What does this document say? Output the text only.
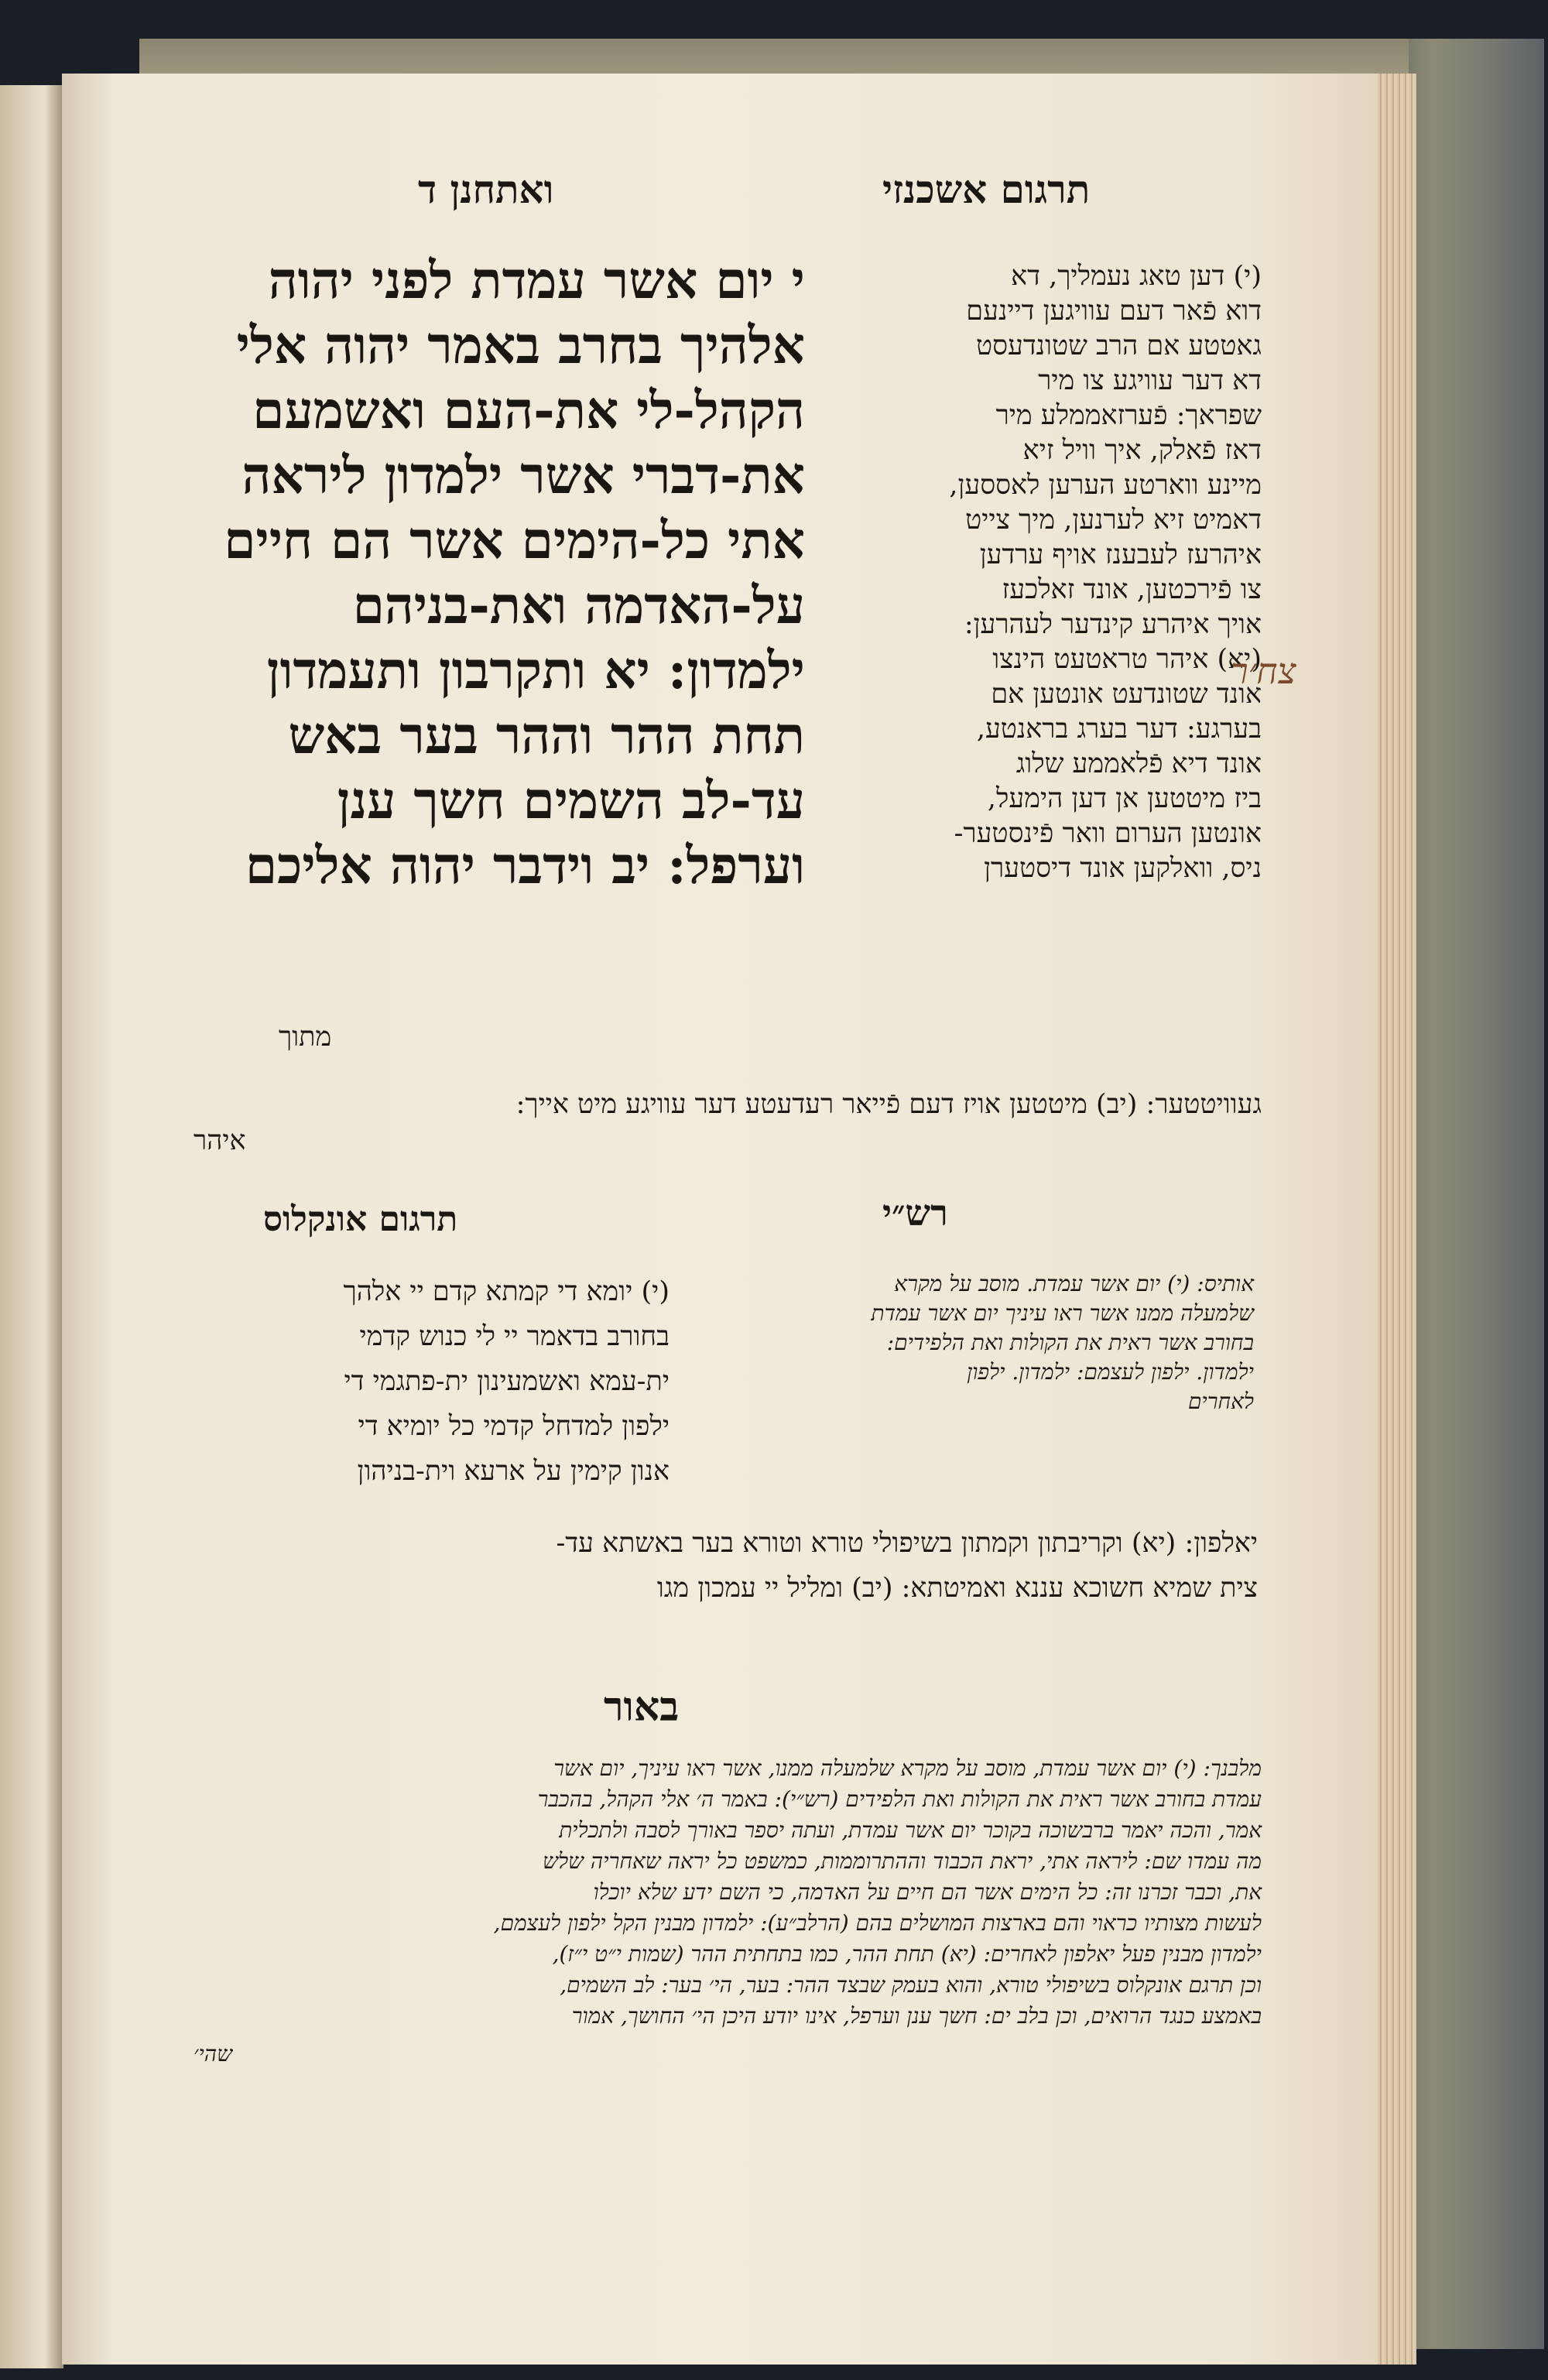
ואתחנן ד	תרגום אשכנזי
י יום אשר עמדת לפני יהוה
אלהיך בחרב באמר יהוה אלי
הקהל-לי את-העם ואשמעם
את-דברי אשר ילמדון ליראה
אתי כל-הימים אשר הם חיים
על-האדמה ואת-בניהם
ילמדון: יא ותקרבון ותעמדון
תחת ההר וההר בער באש
עד-לב השמים חשך ענן
וערפל: יב וידבר יהוה אליכם
מתוך
(י) דען טאג נעמליך, דא
דוא פֿאר דעם עוויגען דיינעם
גאטטע אם הרב שטונדעסט
דא דער עוויגע צו מיר
שפראך: פֿערזאממלע מיר
דאז פֿאלק, איך וויל זיא
מיינע ווארטע הערען לאססען,
דאמיט זיא לערנען, מיך צייט
איהרעז לעבענז אויף ערדען
צו פֿירכטען, אונד זאלכעז
אויך איהרע קינדער לעהרען:
(יא) איהר טראטעט הינצו
אונד שטונדעט אונטען אם
בערגע: דער בערג בראנטע,
אונד דיא פֿלאממע שלוג
ביז מיטטען אן דען הימעל,
אונטען הערום וואר פֿינסטער-
ניס, וואלקען אונד דיסטערן
געוויטטער: (יב) מיטטען אויז דעם פֿייאר רעדעטע דער עוויגע מיט אייך:
איהר
צח׳ר
רש״י
אותיס: (י) יום אשר עמדת. מוסב על מקרא
שלמעלה ממנו אשר ראו עיניך יום אשר עמדת
בחורב אשר ראית את הקולות ואת הלפידים:
ילמדון. ילפון לעצמם: ילמדון. ילפון
לאחרים
תרגום אונקלוס
(י) יומא די קמתא קדם יי אלהך
בחורב בדאמר יי לי כנוש קדמי
ית-עמא ואשמעינון ית-פתגמי די
ילפון למדחל קדמי כל יומיא די
אנון קימין על ארעא וית-בניהון
יאלפון: (יא) וקריבתון וקמתון בשיפולי טורא וטורא בער באשתא עד-
צית שמיא חשוכא עננא ואמיטתא: (יב) ומליל יי עמכון מגו
באור
מלבנך: (י) יום אשר עמדת, מוסב על מקרא שלמעלה ממנו, אשר ראו עיניך, יום אשר
עמדת בחורב אשר ראית את הקולות ואת הלפידים (רש״י): באמר ה׳ אלי הקהל, בהכבר
אמר, והכה יאמר ברבשוכה בקוכר יום אשר עמדת, ועתה יספר באורך לסבה ולתכלית
מה עמדו שם: ליראה אתי, יראת הכבוד וההתרוממות, כמשפט כל יראה שאחריה שלש
את, וכבר זכרנו זה: כל הימים אשר הם חיים על האדמה, כי השם ידע שלא יוכלו
לעשות מצותיו כראוי והם בארצות המושלים בהם (הרלב״ע): ילמדון מבנין הקל ילפון לעצמם,
ילמדון מבנין פעל יאלפון לאחרים: (יא) תחת ההר, כמו בתחתית ההר (שמות י״ט י״ז),
וכן תרגם אונקלוס בשיפולי טורא, והוא בעמק שבצד ההר: בער, הי׳ בער: לב השמים,
באמצע כנגד הרואים, וכן בלב ים: חשך ענן וערפל, אינו יודע היכן הי׳ החושך, אמור
שהי׳
